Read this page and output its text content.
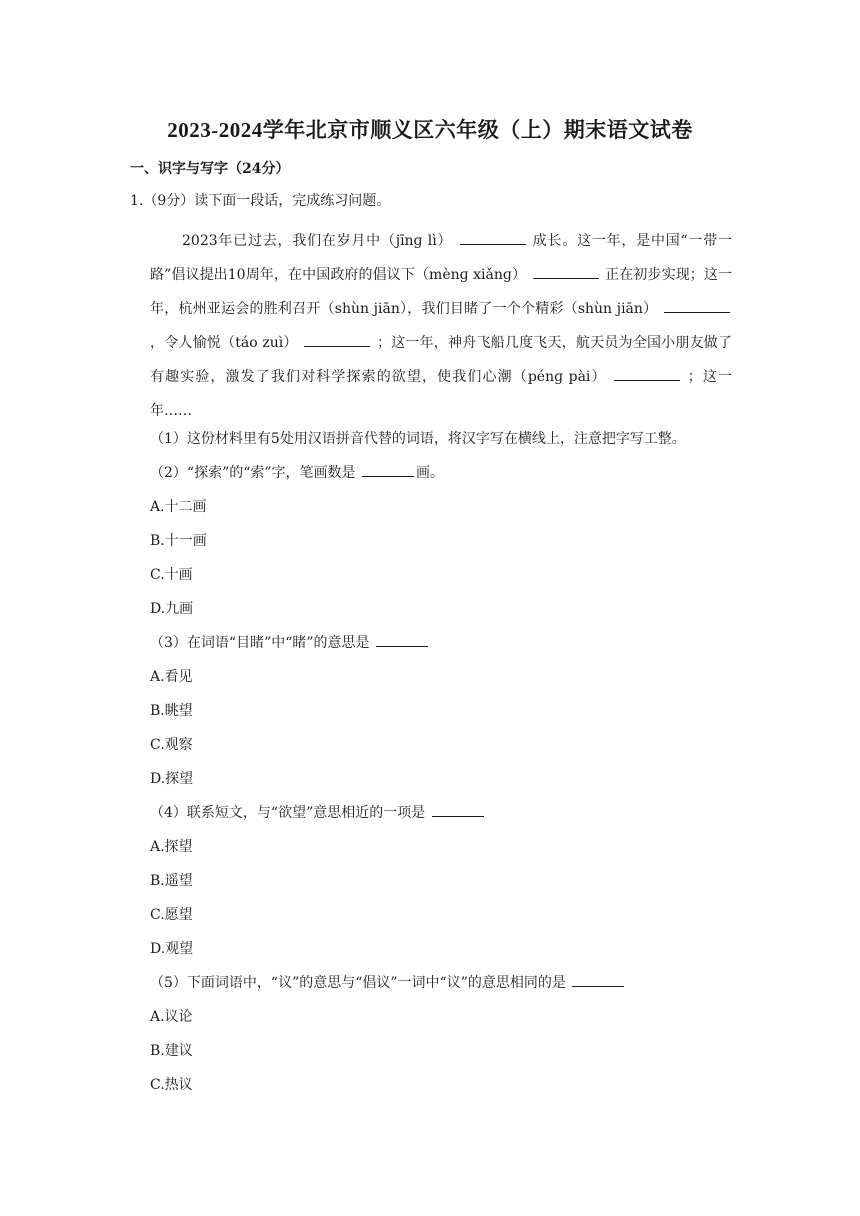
2023-2024学年北京市顺义区六年级（上）期末语文试卷
一、识字与写字（24分）
1.（9分）读下面一段话，完成练习问题。

2023年已过去，我们在岁月中（jīnɡ lì）	成长。这一年，是中国“一带一路”倡议提出10周年，在中国政府的倡议下（mènɡ xiǎnɡ）	正在初步实现；这一年，杭州亚运会的胜利召开（shùn jiān），我们目睹了一个个精彩（shùn jiān）  ，令人愉悦（táo zuì）	；这一年，神舟飞船几度飞天，航天员为全国小朋友做了有趣实验，激发了我们对科学探索的欲望，使我们心潮（pénɡ pài）	；这一年……

（1）这份材料里有5处用汉语拼音代替的词语，将汉字写在横线上，注意把字写工整。
（2）“探索”的“索”字，笔画数是	画。
A.十二画
B.十一画
C.十画
D.九画
（3）在词语“目睹”中“睹”的意思是
A.看见
B.眺望
C.观察
D.探望
（4）联系短文，与“欲望”意思相近的一项是
A.探望
B.遥望
C.愿望
D.观望
（5）下面词语中，“议”的意思与“倡议”一词中“议”的意思相同的是
A.议论
B.建议
C.热议
